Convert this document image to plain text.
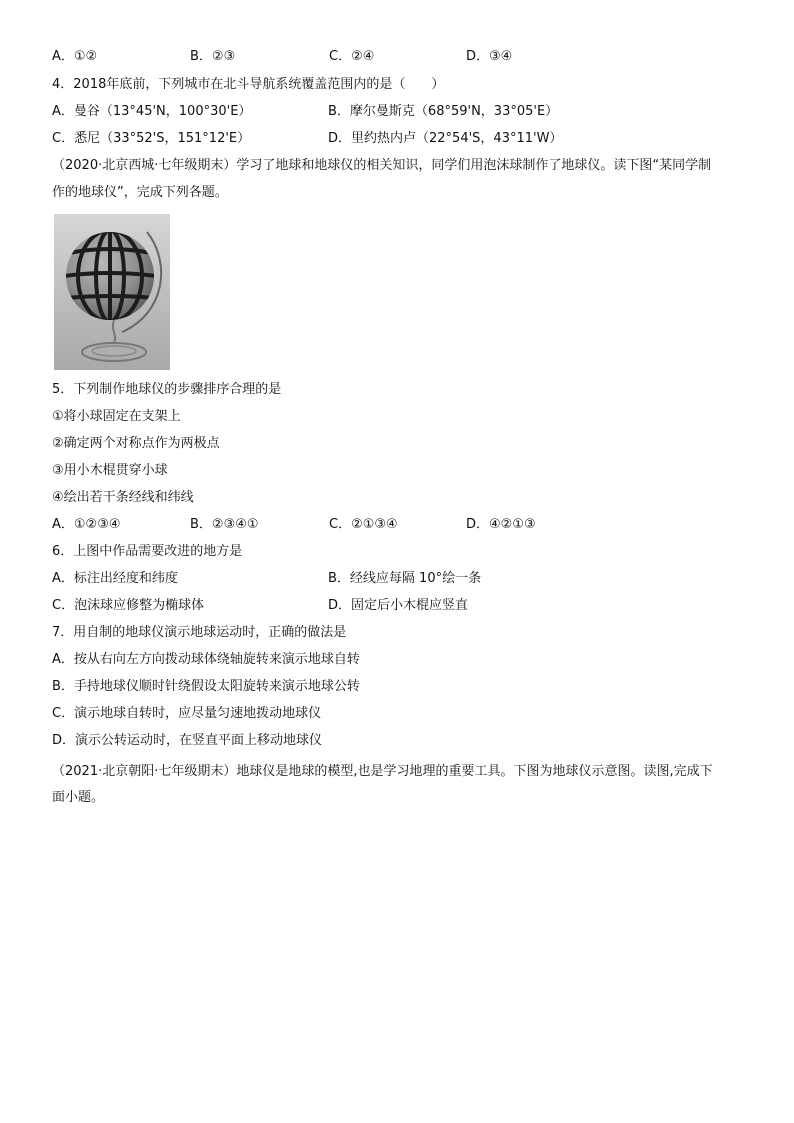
A．①②	B．②③	C．②④	D．③④
4．2018年底前，下列城市在北斗导航系统覆盖范围内的是（　　）
A．曼谷（13°45'N，100°30'E）	B．摩尔曼斯克（68°59'N，33°05'E）
C．悉尼（33°52'S，151°12'E）	D．里约热内卢（22°54'S，43°11'W）
（2020·北京西城·七年级期末）学习了地球和地球仪的相关知识，同学们用泡沫球制作了地球仪。读下图“某同学制
作的地球仪”，完成下列各题。
5．下列制作地球仪的步骤排序合理的是
①将小球固定在支架上
②确定两个对称点作为两极点
③用小木棍贯穿小球
④绘出若干条经线和纬线
A．①②③④	B．②③④①	C．②①③④	D．④②①③
6．上图中作品需要改进的地方是
A．标注出经度和纬度	B．经线应每隔 10°绘一条
C．泡沫球应修整为椭球体	D．固定后小木棍应竖直
7．用自制的地球仪演示地球运动时，正确的做法是
A．按从右向左方向拨动球体绕轴旋转来演示地球自转
B．手持地球仪顺时针绕假设太阳旋转来演示地球公转
C．演示地球自转时，应尽量匀速地拨动地球仪
D．演示公转运动时，在竖直平面上移动地球仪
（2021·北京朝阳·七年级期末）地球仪是地球的模型,也是学习地理的重要工具。下图为地球仪示意图。读图,完成下
面小题。
